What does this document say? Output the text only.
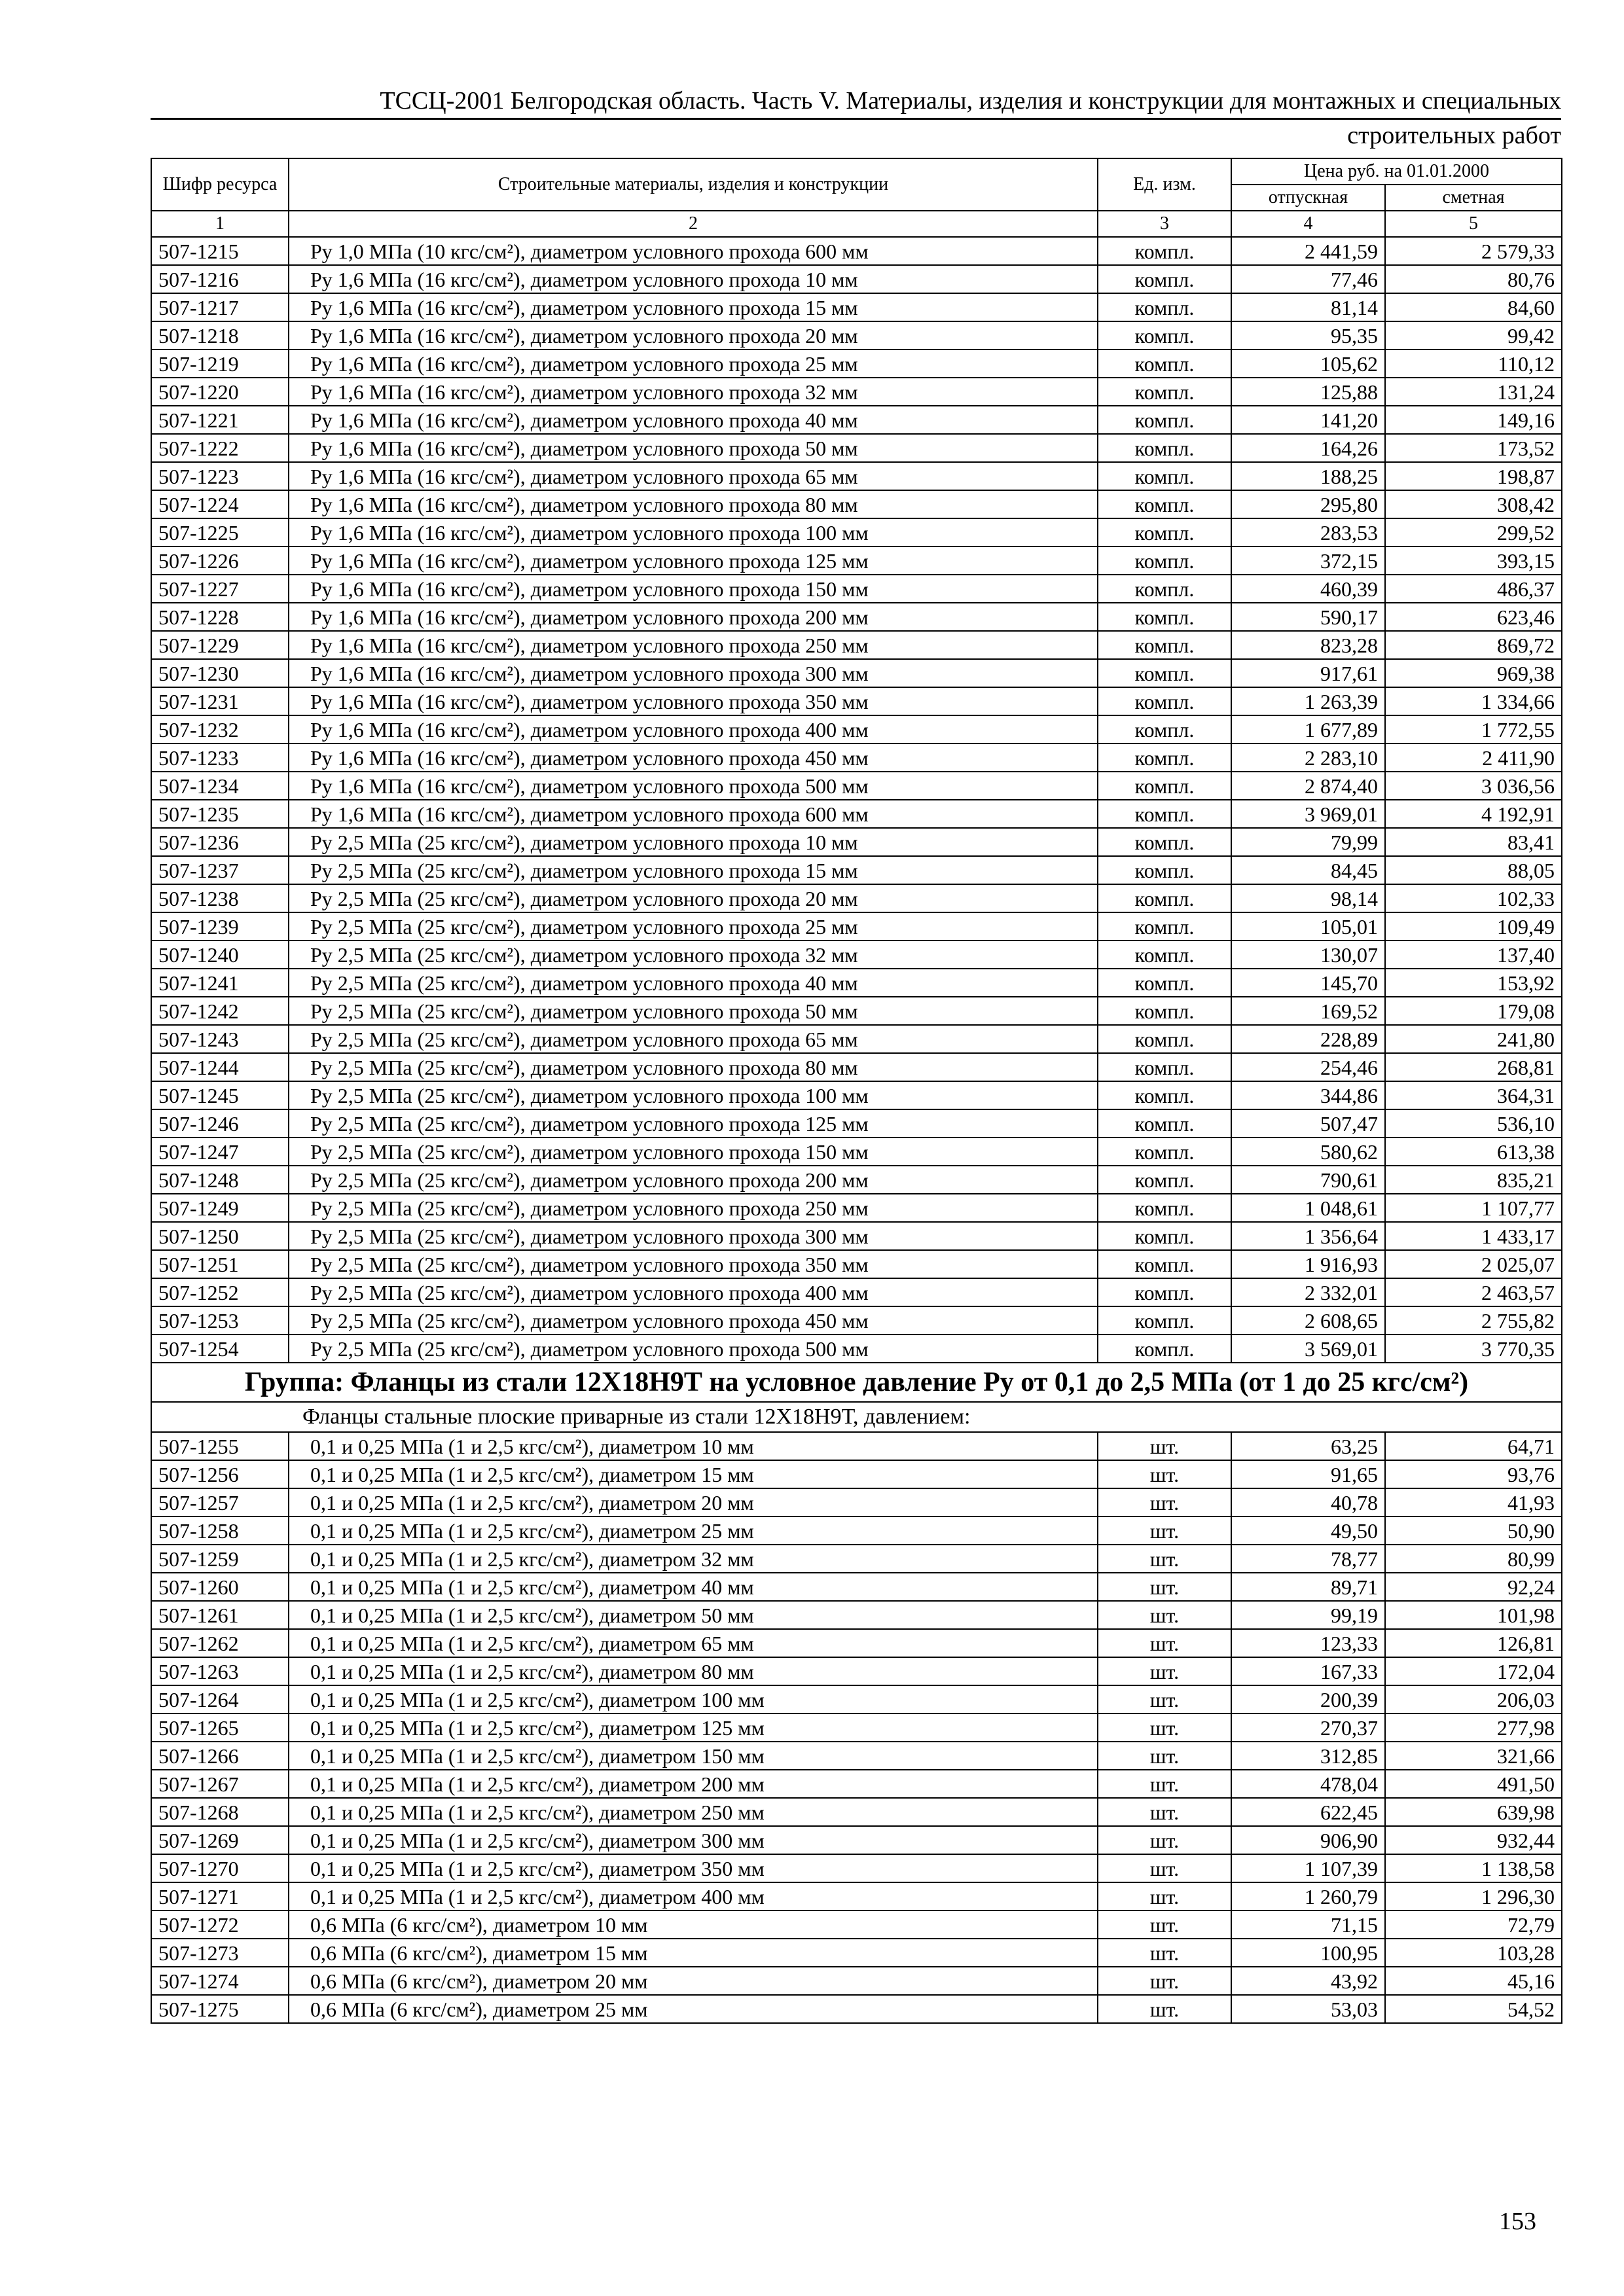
ТССЦ-2001 Белгородская область. Часть V. Материалы, изделия и конструкции для монтажных и специальных
строительных работ
Шифр ресурса	Строительные материалы, изделия и конструкции	Ед. изм.	Цена руб. на 01.01.2000	
			отпускная	сметная
1	2	3	4	5
507-1215	Ру 1,0 МПа (10 кгс/см²), диаметром условного прохода 600 мм	компл.	2 441,59	2 579,33
507-1216	Ру 1,6 МПа (16 кгс/см²), диаметром условного прохода 10 мм	компл.	77,46	80,76
507-1217	Ру 1,6 МПа (16 кгс/см²), диаметром условного прохода 15 мм	компл.	81,14	84,60
507-1218	Ру 1,6 МПа (16 кгс/см²), диаметром условного прохода 20 мм	компл.	95,35	99,42
507-1219	Ру 1,6 МПа (16 кгс/см²), диаметром условного прохода 25 мм	компл.	105,62	110,12
507-1220	Ру 1,6 МПа (16 кгс/см²), диаметром условного прохода 32 мм	компл.	125,88	131,24
507-1221	Ру 1,6 МПа (16 кгс/см²), диаметром условного прохода 40 мм	компл.	141,20	149,16
507-1222	Ру 1,6 МПа (16 кгс/см²), диаметром условного прохода 50 мм	компл.	164,26	173,52
507-1223	Ру 1,6 МПа (16 кгс/см²), диаметром условного прохода 65 мм	компл.	188,25	198,87
507-1224	Ру 1,6 МПа (16 кгс/см²), диаметром условного прохода 80 мм	компл.	295,80	308,42
507-1225	Ру 1,6 МПа (16 кгс/см²), диаметром условного прохода 100 мм	компл.	283,53	299,52
507-1226	Ру 1,6 МПа (16 кгс/см²), диаметром условного прохода 125 мм	компл.	372,15	393,15
507-1227	Ру 1,6 МПа (16 кгс/см²), диаметром условного прохода 150 мм	компл.	460,39	486,37
507-1228	Ру 1,6 МПа (16 кгс/см²), диаметром условного прохода 200 мм	компл.	590,17	623,46
507-1229	Ру 1,6 МПа (16 кгс/см²), диаметром условного прохода 250 мм	компл.	823,28	869,72
507-1230	Ру 1,6 МПа (16 кгс/см²), диаметром условного прохода 300 мм	компл.	917,61	969,38
507-1231	Ру 1,6 МПа (16 кгс/см²), диаметром условного прохода 350 мм	компл.	1 263,39	1 334,66
507-1232	Ру 1,6 МПа (16 кгс/см²), диаметром условного прохода 400 мм	компл.	1 677,89	1 772,55
507-1233	Ру 1,6 МПа (16 кгс/см²), диаметром условного прохода 450 мм	компл.	2 283,10	2 411,90
507-1234	Ру 1,6 МПа (16 кгс/см²), диаметром условного прохода 500 мм	компл.	2 874,40	3 036,56
507-1235	Ру 1,6 МПа (16 кгс/см²), диаметром условного прохода 600 мм	компл.	3 969,01	4 192,91
507-1236	Ру 2,5 МПа (25 кгс/см²), диаметром условного прохода 10 мм	компл.	79,99	83,41
507-1237	Ру 2,5 МПа (25 кгс/см²), диаметром условного прохода 15 мм	компл.	84,45	88,05
507-1238	Ру 2,5 МПа (25 кгс/см²), диаметром условного прохода 20 мм	компл.	98,14	102,33
507-1239	Ру 2,5 МПа (25 кгс/см²), диаметром условного прохода 25 мм	компл.	105,01	109,49
507-1240	Ру 2,5 МПа (25 кгс/см²), диаметром условного прохода 32 мм	компл.	130,07	137,40
507-1241	Ру 2,5 МПа (25 кгс/см²), диаметром условного прохода 40 мм	компл.	145,70	153,92
507-1242	Ру 2,5 МПа (25 кгс/см²), диаметром условного прохода 50 мм	компл.	169,52	179,08
507-1243	Ру 2,5 МПа (25 кгс/см²), диаметром условного прохода 65 мм	компл.	228,89	241,80
507-1244	Ру 2,5 МПа (25 кгс/см²), диаметром условного прохода 80 мм	компл.	254,46	268,81
507-1245	Ру 2,5 МПа (25 кгс/см²), диаметром условного прохода 100 мм	компл.	344,86	364,31
507-1246	Ру 2,5 МПа (25 кгс/см²), диаметром условного прохода 125 мм	компл.	507,47	536,10
507-1247	Ру 2,5 МПа (25 кгс/см²), диаметром условного прохода 150 мм	компл.	580,62	613,38
507-1248	Ру 2,5 МПа (25 кгс/см²), диаметром условного прохода 200 мм	компл.	790,61	835,21
507-1249	Ру 2,5 МПа (25 кгс/см²), диаметром условного прохода 250 мм	компл.	1 048,61	1 107,77
507-1250	Ру 2,5 МПа (25 кгс/см²), диаметром условного прохода 300 мм	компл.	1 356,64	1 433,17
507-1251	Ру 2,5 МПа (25 кгс/см²), диаметром условного прохода 350 мм	компл.	1 916,93	2 025,07
507-1252	Ру 2,5 МПа (25 кгс/см²), диаметром условного прохода 400 мм	компл.	2 332,01	2 463,57
507-1253	Ру 2,5 МПа (25 кгс/см²), диаметром условного прохода 450 мм	компл.	2 608,65	2 755,82
507-1254	Ру 2,5 МПа (25 кгс/см²), диаметром условного прохода 500 мм	компл.	3 569,01	3 770,35
Группа: Фланцы из стали 12Х18Н9Т на условное давление Ру от 0,1 до 2,5 МПа (от 1 до 25 кгс/см²)				
Фланцы стальные плоские приварные из стали 12Х18Н9Т, давлением:				
507-1255	0,1 и 0,25 МПа (1 и 2,5 кгс/см²), диаметром 10 мм	шт.	63,25	64,71
507-1256	0,1 и 0,25 МПа (1 и 2,5 кгс/см²), диаметром 15 мм	шт.	91,65	93,76
507-1257	0,1 и 0,25 МПа (1 и 2,5 кгс/см²), диаметром 20 мм	шт.	40,78	41,93
507-1258	0,1 и 0,25 МПа (1 и 2,5 кгс/см²), диаметром 25 мм	шт.	49,50	50,90
507-1259	0,1 и 0,25 МПа (1 и 2,5 кгс/см²), диаметром 32 мм	шт.	78,77	80,99
507-1260	0,1 и 0,25 МПа (1 и 2,5 кгс/см²), диаметром 40 мм	шт.	89,71	92,24
507-1261	0,1 и 0,25 МПа (1 и 2,5 кгс/см²), диаметром 50 мм	шт.	99,19	101,98
507-1262	0,1 и 0,25 МПа (1 и 2,5 кгс/см²), диаметром 65 мм	шт.	123,33	126,81
507-1263	0,1 и 0,25 МПа (1 и 2,5 кгс/см²), диаметром 80 мм	шт.	167,33	172,04
507-1264	0,1 и 0,25 МПа (1 и 2,5 кгс/см²), диаметром 100 мм	шт.	200,39	206,03
507-1265	0,1 и 0,25 МПа (1 и 2,5 кгс/см²), диаметром 125 мм	шт.	270,37	277,98
507-1266	0,1 и 0,25 МПа (1 и 2,5 кгс/см²), диаметром 150 мм	шт.	312,85	321,66
507-1267	0,1 и 0,25 МПа (1 и 2,5 кгс/см²), диаметром 200 мм	шт.	478,04	491,50
507-1268	0,1 и 0,25 МПа (1 и 2,5 кгс/см²), диаметром 250 мм	шт.	622,45	639,98
507-1269	0,1 и 0,25 МПа (1 и 2,5 кгс/см²), диаметром 300 мм	шт.	906,90	932,44
507-1270	0,1 и 0,25 МПа (1 и 2,5 кгс/см²), диаметром 350 мм	шт.	1 107,39	1 138,58
507-1271	0,1 и 0,25 МПа (1 и 2,5 кгс/см²), диаметром 400 мм	шт.	1 260,79	1 296,30
507-1272	0,6 МПа (6 кгс/см²), диаметром 10 мм	шт.	71,15	72,79
507-1273	0,6 МПа (6 кгс/см²), диаметром 15 мм	шт.	100,95	103,28
507-1274	0,6 МПа (6 кгс/см²), диаметром 20 мм	шт.	43,92	45,16
507-1275	0,6 МПа (6 кгс/см²), диаметром 25 мм	шт.	53,03	54,52
153
